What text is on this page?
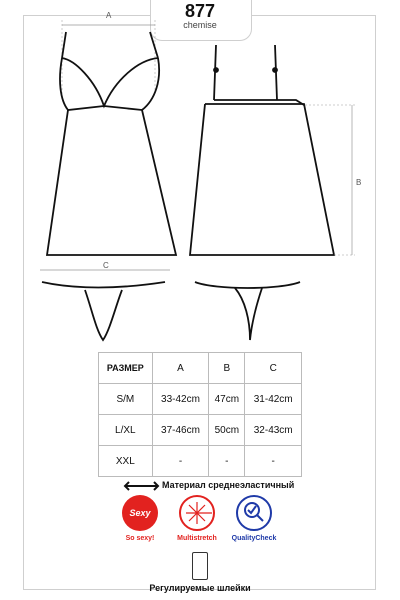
877
chemise
A
B
C
РАЗМЕР	A	B	C
S/M	33-42cm	47cm	31-42cm
L/XL	37-46cm	50cm	32-43cm
XXL	-	-	-
Материал среднеэластичный
Sexy
So sexy!	Multistretch	QualityCheck
Регулируемые шлейки
